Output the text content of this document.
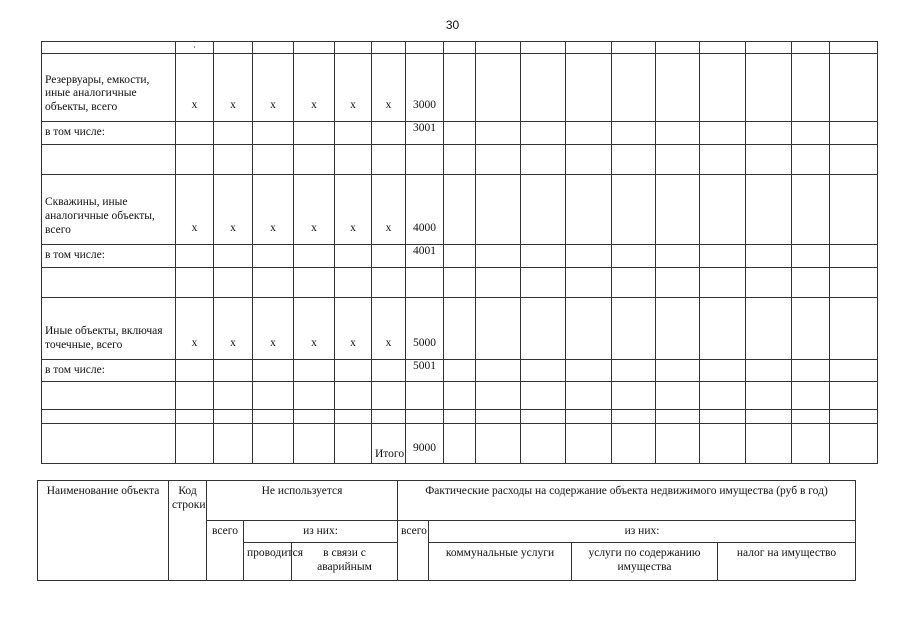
30
	·																
Резервуары, емкости, иные аналогичные объекты, всего	x	x	x	x	x	x	3000										
в том числе:							3001										

Скважины, иные аналогичные объекты, всего	x	x	x	x	x	x	4000										
в том числе:							4001										

Иные объекты, включая точечные, всего	x	x	x	x	x	x	5000										
в том числе:							5001										

						Итого	9000										
Наименование объекта	Код строки	Не используется			Фактические расходы на содержание объекта недвижимого имущества (руб в год)			
		всего	из них:		всего	из них:		
			проводится	в связи с аварийным		коммунальные услуги	услуги по содержанию имущества	налог на имущество
